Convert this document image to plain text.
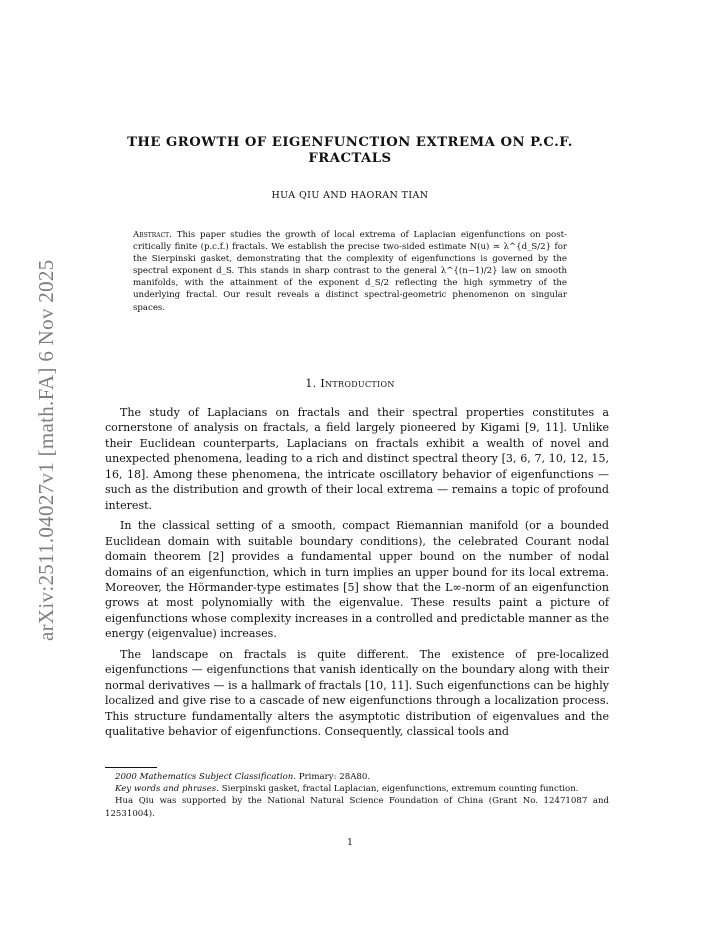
arXiv:2511.04027v1 [math.FA] 6 Nov 2025
THE GROWTH OF EIGENFUNCTION EXTREMA ON P.C.F. FRACTALS
HUA QIU AND HAORAN TIAN
Abstract. This paper studies the growth of local extrema of Laplacian eigenfunctions on post-critically finite (p.c.f.) fractals. We establish the precise two-sided estimate N(u) ≍ λ^{d_S/2} for the Sierpinski gasket, demonstrating that the complexity of eigenfunctions is governed by the spectral exponent d_S. This stands in sharp contrast to the general λ^{(n−1)/2} law on smooth manifolds, with the attainment of the exponent d_S/2 reflecting the high symmetry of the underlying fractal. Our result reveals a distinct spectral-geometric phenomenon on singular spaces.
1. Introduction

The study of Laplacians on fractals and their spectral properties constitutes a cornerstone of analysis on fractals, a field largely pioneered by Kigami [9, 11]. Unlike their Euclidean counterparts, Laplacians on fractals exhibit a wealth of novel and unexpected phenomena, leading to a rich and distinct spectral theory [3, 6, 7, 10, 12, 15, 16, 18]. Among these phenomena, the intricate oscillatory behavior of eigenfunctions — such as the distribution and growth of their local extrema — remains a topic of profound interest.

In the classical setting of a smooth, compact Riemannian manifold (or a bounded Euclidean domain with suitable boundary conditions), the celebrated Courant nodal domain theorem [2] provides a fundamental upper bound on the number of nodal domains of an eigenfunction, which in turn implies an upper bound for its local extrema. Moreover, the Hörmander-type estimates [5] show that the L∞-norm of an eigenfunction grows at most polynomially with the eigenvalue. These results paint a picture of eigenfunctions whose complexity increases in a controlled and predictable manner as the energy (eigenvalue) increases.

The landscape on fractals is quite different. The existence of pre-localized eigenfunctions — eigenfunctions that vanish identically on the boundary along with their normal derivatives — is a hallmark of fractals [10, 11]. Such eigenfunctions can be highly localized and give rise to a cascade of new eigenfunctions through a localization process. This structure fundamentally alters the asymptotic distribution of eigenvalues and the qualitative behavior of eigenfunctions. Consequently, classical tools and

2000 Mathematics Subject Classification. Primary: 28A80.

Key words and phrases. Sierpinski gasket, fractal Laplacian, eigenfunctions, extremum counting function.

Hua Qiu was supported by the National Natural Science Foundation of China (Grant No. 12471087 and 12531004).

1
